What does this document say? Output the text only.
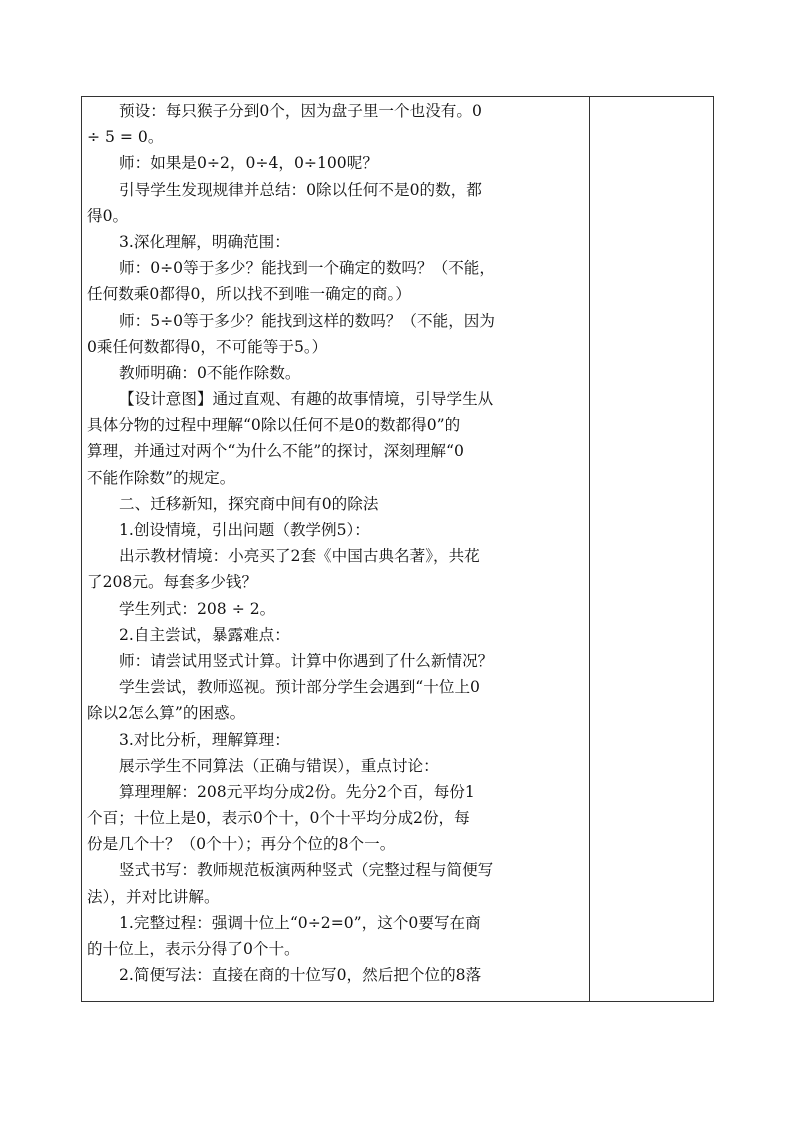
预设：每只猴子分到0个，因为盘子里一个也没有。0
÷ 5 = 0。
师：如果是0÷2，0÷4，0÷100呢？
引导学生发现规律并总结：0除以任何不是0的数，都
得0。
3.深化理解，明确范围：
师：0÷0等于多少？能找到一个确定的数吗？（不能，
任何数乘0都得0，所以找不到唯一确定的商。）
师：5÷0等于多少？能找到这样的数吗？（不能，因为
0乘任何数都得0，不可能等于5。）
教师明确：0不能作除数。
【设计意图】通过直观、有趣的故事情境，引导学生从
具体分物的过程中理解“0除以任何不是0的数都得0”的
算理，并通过对两个“为什么不能”的探讨，深刻理解“0
不能作除数”的规定。
二、迁移新知，探究商中间有0的除法
1.创设情境，引出问题（教学例5）：
出示教材情境：小亮买了2套《中国古典名著》，共花
了208元。每套多少钱？
学生列式：208 ÷ 2。
2.自主尝试，暴露难点：
师：请尝试用竖式计算。计算中你遇到了什么新情况？
学生尝试，教师巡视。预计部分学生会遇到“十位上0
除以2怎么算”的困惑。
3.对比分析，理解算理：
展示学生不同算法（正确与错误），重点讨论：
算理理解：208元平均分成2份。先分2个百，每份1
个百；十位上是0，表示0个十，0个十平均分成2份，每
份是几个十？（0个十）；再分个位的8个一。
竖式书写：教师规范板演两种竖式（完整过程与简便写
法），并对比讲解。
1.完整过程：强调十位上“0÷2=0”，这个0要写在商
的十位上，表示分得了0个十。
2.简便写法：直接在商的十位写0，然后把个位的8落
